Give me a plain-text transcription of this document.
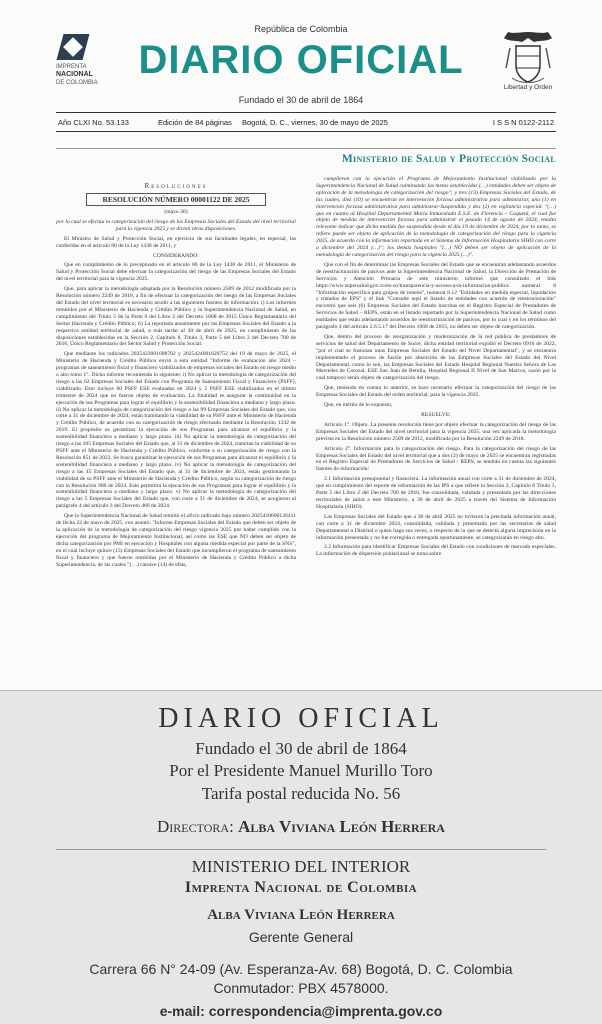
IMPRENTA
NACIONAL
DE COLOMBIA
República de Colombia
DIARIO OFICIAL
Fundado el 30 de abril de 1864
Libertad y Orden
Año CLXI No. 53.133	Edición de 84 páginas Bogotá, D. C., viernes, 30 de mayo de 2025	I S S N 0122-2112
Ministerio de Salud y Protección Social
Resoluciones
RESOLUCIÓN NÚMERO 00001122 DE 2025

(mayo 30)

por la cual se efectúa la categorización del riesgo de las Empresas Sociales del Estado del nivel territorial para la vigencia 2025 y se dictan otras disposiciones.

El Ministro de Salud y Protección Social, en ejercicio de sus facultades legales, en especial, las conferidas en el artículo 80 de la Ley 1438 de 2011, y

CONSIDERANDO:

Que en cumplimiento de lo preceptuado en el artículo 80 de la Ley 1438 de 2011, el Ministerio de Salud y Protección Social debe efectuar la categorización del riesgo de las Empresas Sociales del Estado del nivel territorial para la vigencia 2025.

Que, para aplicar la metodología adoptada por la Resolución número 2509 de 2012 modificada por la Resolución número 2249 de 2018, a fin de efectuar la categorización del riesgo de las Empresas Sociales del Estado del nivel territorial es necesario acudir a las siguientes fuentes de información: i) Los informes remitidos por el Ministerio de Hacienda y Crédito Público y la Superintendencia Nacional de Salud, en cumplimiento del Título 5 de la Parte 6 del Libro 2 del Decreto 1068 de 2015 Único Reglamentario del Sector Hacienda y Crédito Público; ii) La reportada anualmente por las Empresas Sociales del Estado a la respectiva entidad territorial de salud, a más tardar al 30 de abril de 2025, en cumplimiento de las disposiciones establecidas en la Sección 2, Capítulo 8, Título 3, Parte 5 del Libro 2 del Decreto 780 de 2016, Único Reglamentario del Sector Salud y Protección Social.

Que mediante los radicados 2025423001608702 y 2025424001620752 del 19 de mayo de 2025, el Ministerio de Hacienda y Crédito Público envió a esta entidad "Informe de evaluación año 2024 – programas de saneamiento fiscal y financiero viabilizados de empresas sociales del Estado en riesgo medio o alto tomo 1". Dicho informe recomienda lo siguiente: i) No aplicar la metodología de categorización del riesgo a las 62 Empresas Sociales del Estado con Programa de Saneamiento Fiscal y Financiero (PSFF), viabilizado. Esto incluye 60 PSFF ESE evaluados en 2024 y 2 PSFF ESE viabilizados en el último trimestre de 2024 que no fueron objeto de evaluación. La finalidad es asegurar la continuidad en la ejecución de sus Programas para lograr el equilibrio y la sostenibilidad financiera a mediano y largo plazo. ii) No aplicar la metodología de categorización del riesgo a las 99 Empresas Sociales del Estado que, con corte a 31 de diciembre de 2024, están tramitando la viabilidad de su PSFF ante el Ministerio de Hacienda y Crédito Público, de acuerdo con su categorización de riesgo efectuada mediante la Resolución 1342 de 2019. El propósito es garantizar la ejecución de sus Programas para alcanzar el equilibrio y la sostenibilidad financiera a mediano y largo plazo. iii) No aplicar la metodología de categorización del riesgo a las 105 Empresas Sociales del Estado que, al 31 de diciembre de 2024, tramitan la viabilidad de su PSFF ante el Ministerio de Hacienda y Crédito Público, conforme a su categorización de riesgo con la Resolución 851 de 2023. Se busca garantizar la ejecución de sus Programas para alcanzar el equilibrio y la sostenibilidad financiera a mediano y largo plazo. iv) No aplicar la metodología de categorización del riesgo a las 45 Empresas Sociales del Estado que, al 31 de diciembre de 2024, están gestionando la viabilidad de su PSFF ante el Ministerio de Hacienda y Crédito Público, según su categorización de riesgo con la Resolución 980 de 2024. Esto permitirá la ejecución de sus Programas para lograr el equilibrio y la sostenibilidad financiera a mediano y largo plazo. v) No aplicar la metodología de categorización del riesgo a las 5 Empresas Sociales del Estado que, con corte a 31 de diciembre de 2024, se acogieron al parágrafo 4 del artículo 3 del Decreto 466 de 2024.

Que la Superintendencia Nacional de Salud remitió el oficio radicado bajo número 2025410600126411 de fecha 22 de mayo de 2025, con asunto: "Informe Empresas Sociales del Estado que deben ser objeto de la aplicación de la metodología de categorización del riesgo vigencia 2025 por haber cumplido con la ejecución del programa de Mejoramiento Institucional, así como las ESE que NO deben ser objeto de dicha categorización por PMI en ejecución y Hospitales con alguna medida especial por parte de la SNS", en el cual incluye quince (15) Empresas Sociales del Estado que incumplieron el programa de saneamiento fiscal y financiero y que fueron remitidas por el Ministerio de Hacienda y Crédito Público a dicha Superintendencia, de las cuales "(…) catorce (14) de ellas,

cumplieron con la ejecución el Programa de Mejoramiento Institucional viabilizado por la Superintendencia Nacional de Salud culminando las metas establecidas (…) entidades deben ser objeto de aplicación de la metodología de categorización del riesgo"; y tres (13) Empresas Sociales del Estado, de las cuales, diez (10) se encuentran en intervención forzosa administrativa para administrar, una (1) en intervención forzosa administrativa para administrar-Suspendida y dos (2) en vigilancia especial. "(…) que en cuanto al Hospital Departamental María Inmaculada E.S.E. de Florencia – Caquetá, el cual fue objeto de medida de intervención forzosa para administrar el pasado 14 de agosto de 2024, resulta relevante indicar que dicha medida fue suspendida desde el día 19 de diciembre de 2024, por lo tanto, se refiere puede ser objeto de aplicación de la metodología de categorización del riesgo para la vigencia 2025, de acuerdo con la información reportada en el Sistema de Información Hospitalaria SIHO con corte a diciembre del 2024 (…)"; los demás hospitales "(…) NO deben ser objeto de aplicación de la metodología de categorización del riesgo para la vigencia 2025 (…)".

Que con el fin de determinar las Empresas Sociales del Estado que se encuentran adelantando acuerdos de reestructuración de pasivos ante la Superintendencia Nacional de Salud, la Dirección de Prestación de Servicios y Atención Primaria de este ministerio informó que consultado el link https://www.supersalud.gov.co/es-co/transparencia-y-acceso-a-la-informacion-publica numeral 8 "Información específica para grupos de interés", numeral 8.12 "Entidades en medida especial, liquidación y tratados de EPS" y el link "Consulte aquí el listado de entidades con acuerdo de reestructuración" encontró que seis (6) Empresas Sociales del Estado inscritas en el Registro Especial de Prestadores de Servicios de Salud – REPS, están en el listado reportado por la Superintendencia Nacional de Salud como entidades que están adelantando acuerdos de reestructuración de pasivos, por lo cual y en los términos del parágrafo 4 del artículo 2.6.5.17 del Decreto 1068 de 2015, no deben ser objeto de categorización.

Que, dentro del proceso de reorganización y modernización de la red pública de prestadores de servicios de salud del Departamento de Sucre, dicha entidad territorial expidió el Decreto 0916 de 2022, "por el cual se fusionan unas Empresas Sociales del Estado del Nivel Departamental", y se encuentra implementado el proceso de fusión por absorción de las Empresas Sociales del Estado del Nivel Departamental, como lo son, las Empresas Sociales del Estado Hospital Regional Nuestra Señora de Las Mercedes de Corozal, ESE San Juan de Betulia, Hospital Regional II Nivel de San Marcos, razón por la cual tampoco serán objeto de categorización del riesgo.

Que, teniendo en cuenta lo anterior, se hace necesario efectuar la categorización del riesgo de las Empresas Sociales del Estado del orden territorial, para la vigencia 2025.

Que, en mérito de lo expuesto,

RESUELVE:

Artículo 1°. Objeto. La presente resolución tiene por objeto efectuar la categorización del riesgo de las Empresas Sociales del Estado del nivel territorial para la vigencia 2025, una vez aplicada la metodología prevista en la Resolución número 2509 de 2012, modificada por la Resolución 2249 de 2018.

Artículo 2°. Información para la categorización del riesgo. Para la categorización del riesgo de las Empresas Sociales del Estado del nivel territorial que a dos (2) de mayo de 2025 se encuentran registradas en el Registro Especial de Prestadores de Servicios de Salud - REPS, se tendrán en cuenta las siguientes fuentes de información:

2.1 Información presupuestal y financiera. La información anual con corte a 31 de diciembre de 2024, que en cumplimiento del reporte de información de las IPS a que refiere la Sección 2, Capítulo 8 Título 3, Parte 5 del Libro 2 del Decreto 780 de 2016, fue consolidada, validada y presentada por las direcciones territoriales de salud a este Ministerio, a 30 de abril de 2025 a través del Sistema de Información Hospitalaria (SIHO).

Las Empresas Sociales del Estado que a 30 de abril 2025 no tuvieron la precitada información anual, con corte a 31 de diciembre 2024, consolidada, validada y presentada por las secretarías de salud Departamental o Distrital o quien haga sus veces, o respecto de la que se detectó alguna imprecisión en la información presentada y no fue corregida o entregada oportunamente, se categorizarán en riesgo alto.

2.2 Información para identificar Empresas Sociales del Estado con condiciones de mercado especiales. La información de dispersión poblacional se toma sobre

DIARIO OFICIAL
Fundado el 30 de abril de 1864
Por el Presidente Manuel Murillo Toro
Tarifa postal reducida No. 56
Directora: Alba Viviana León Herrera
MINISTERIO DEL INTERIOR
Imprenta Nacional de Colombia
Alba Viviana León Herrera
Gerente General
Carrera 66 N° 24-09 (Av. Esperanza-Av. 68) Bogotá, D. C. Colombia
Conmutador: PBX 4578000.
e-mail: correspondencia@imprenta.gov.co
